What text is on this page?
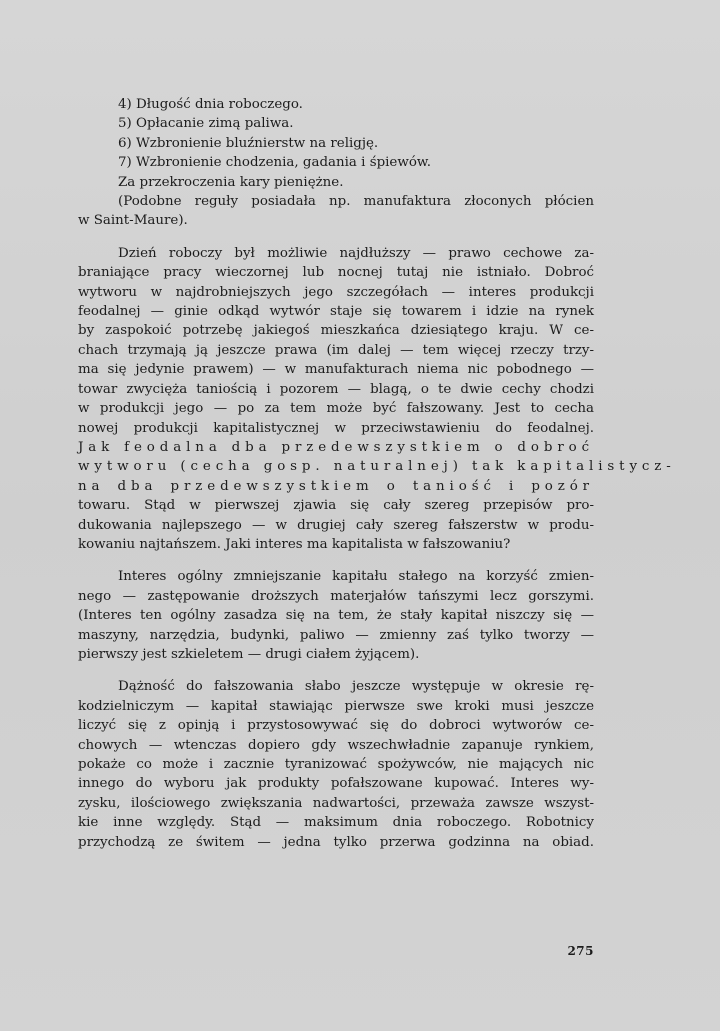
4) Długość dnia roboczego.
5) Opłacanie zimą paliwa.
6) Wzbronienie bluźnierstw na religję.
7) Wzbronienie chodzenia, gadania i śpiewów.
Za przekroczenia kary pieniężne.
(Podobne reguły posiadała np. manufaktura złoconych płócien
w Saint-Maure).
Dzień roboczy był możliwie najdłuższy — prawo cechowe za-
braniające pracy wieczornej lub nocnej tutaj nie istniało. Dobroć
wytworu w najdrobniejszych jego szczegółach — interes produkcji
feodalnej — ginie odkąd wytwór staje się towarem i idzie na rynek
by zaspokoić potrzebę jakiegoś mieszkańca dziesiątego kraju. W ce-
chach trzymają ją jeszcze prawa (im dalej — tem więcej rzeczy trzy-
ma się jedynie prawem) — w manufakturach niema nic pobodnego —
towar zwycięża taniością i pozorem — blagą, o te dwie cechy chodzi
w produkcji jego — po za tem może być fałszowany. Jest to cecha
nowej produkcji kapitalistycznej w przeciwstawieniu do feodalnej.
Jak feodalna dba przedewszystkiem o dobroć
wytworu (cecha gosp. naturalnej) tak kapitalistycz-
na dba przedewszystkiem o taniość i pozór
towaru. Stąd w pierwszej zjawia się cały szereg przepisów pro-
dukowania najlepszego — w drugiej cały szereg fałszerstw w produ-
kowaniu najtańszem. Jaki interes ma kapitalista w fałszowaniu?
Interes ogólny zmniejszanie kapitału stałego na korzyść zmien-
nego — zastępowanie droższych materjałów tańszymi lecz gorszymi.
(Interes ten ogólny zasadza się na tem, że stały kapitał niszczy się —
maszyny, narzędzia, budynki, paliwo — zmienny zaś tylko tworzy —
pierwszy jest szkieletem — drugi ciałem żyjącem).
Dążność do fałszowania słabo jeszcze występuje w okresie rę-
kodzielniczym — kapitał stawiając pierwsze swe kroki musi jeszcze
liczyć się z opinją i przystosowywać się do dobroci wytworów ce-
chowych — wtenczas dopiero gdy wszechwładnie zapanuje rynkiem,
pokaże co może i zacznie tyranizować spożywców, nie mających nic
innego do wyboru jak produkty pofałszowane kupować. Interes wy-
zysku, ilościowego zwiększania nadwartości, przeważa zawsze wszyst-
kie inne względy. Stąd — maksimum dnia roboczego. Robotnicy
przychodzą ze świtem — jedna tylko przerwa godzinna na obiad.
275
